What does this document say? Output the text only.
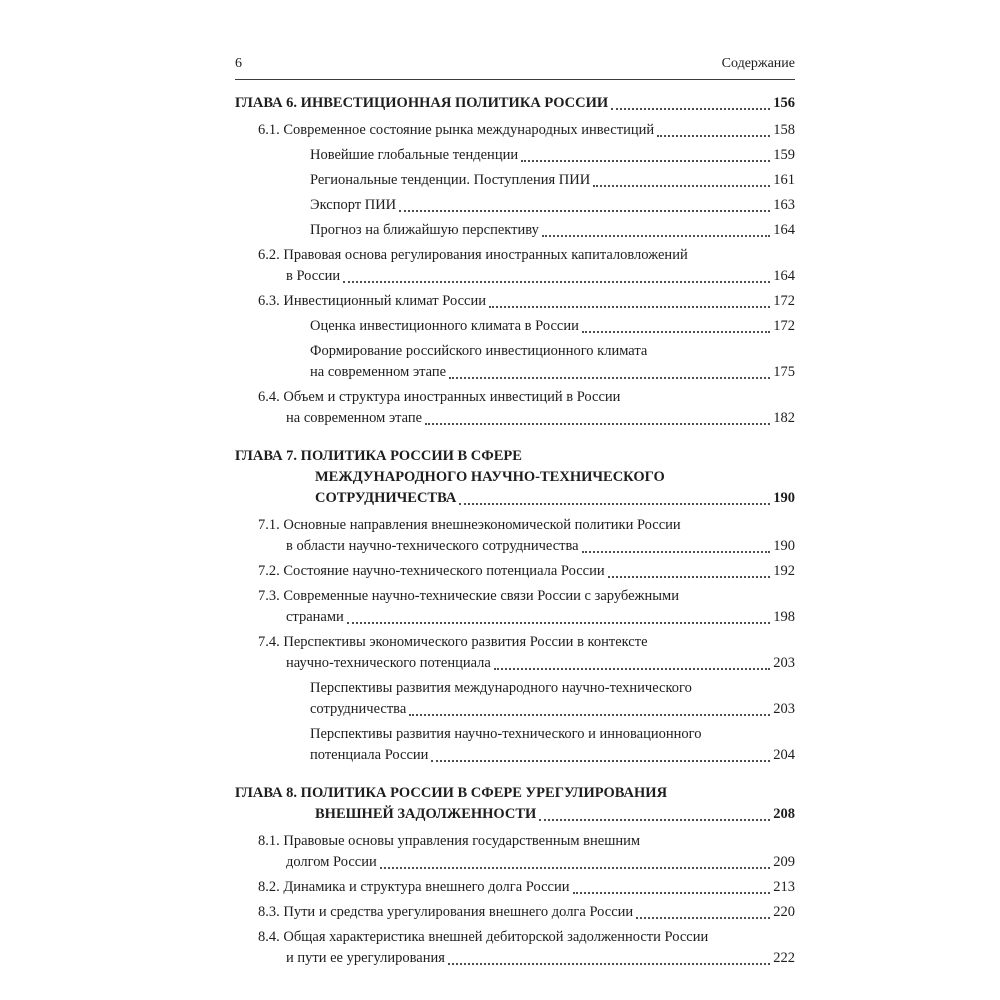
6	Содержание
ГЛАВА 6. ИНВЕСТИЦИОННАЯ ПОЛИТИКА РОССИИ	156
6.1. Современное состояние рынка международных инвестиций	158
Новейшие глобальные тенденции	159
Региональные тенденции. Поступления ПИИ	161
Экспорт ПИИ	163
Прогноз на ближайшую перспективу	164
6.2. Правовая основа регулирования иностранных капиталовложений
в России	164
6.3. Инвестиционный климат России	172
Оценка инвестиционного климата в России	172
Формирование российского инвестиционного климата
на современном этапе	175
6.4. Объем и структура иностранных инвестиций в России
на современном этапе	182
ГЛАВА 7. ПОЛИТИКА РОССИИ В СФЕРЕ
МЕЖДУНАРОДНОГО НАУЧНО-ТЕХНИЧЕСКОГО
СОТРУДНИЧЕСТВА	190
7.1. Основные направления внешнеэкономической политики России
в области научно-технического сотрудничества	190
7.2. Состояние научно-технического потенциала России	192
7.3. Современные научно-технические связи России с зарубежными
странами	198
7.4. Перспективы экономического развития России в контексте
научно-технического потенциала	203
Перспективы развития международного научно-технического
сотрудничества	203
Перспективы развития научно-технического и инновационного
потенциала России	204
ГЛАВА 8. ПОЛИТИКА РОССИИ В СФЕРЕ УРЕГУЛИРОВАНИЯ
ВНЕШНЕЙ ЗАДОЛЖЕННОСТИ	208
8.1. Правовые основы управления государственным внешним
долгом России	209
8.2. Динамика и структура внешнего долга России	213
8.3. Пути и средства урегулирования внешнего долга России	220
8.4. Общая характеристика внешней дебиторской задолженности России
и пути ее урегулирования	222
